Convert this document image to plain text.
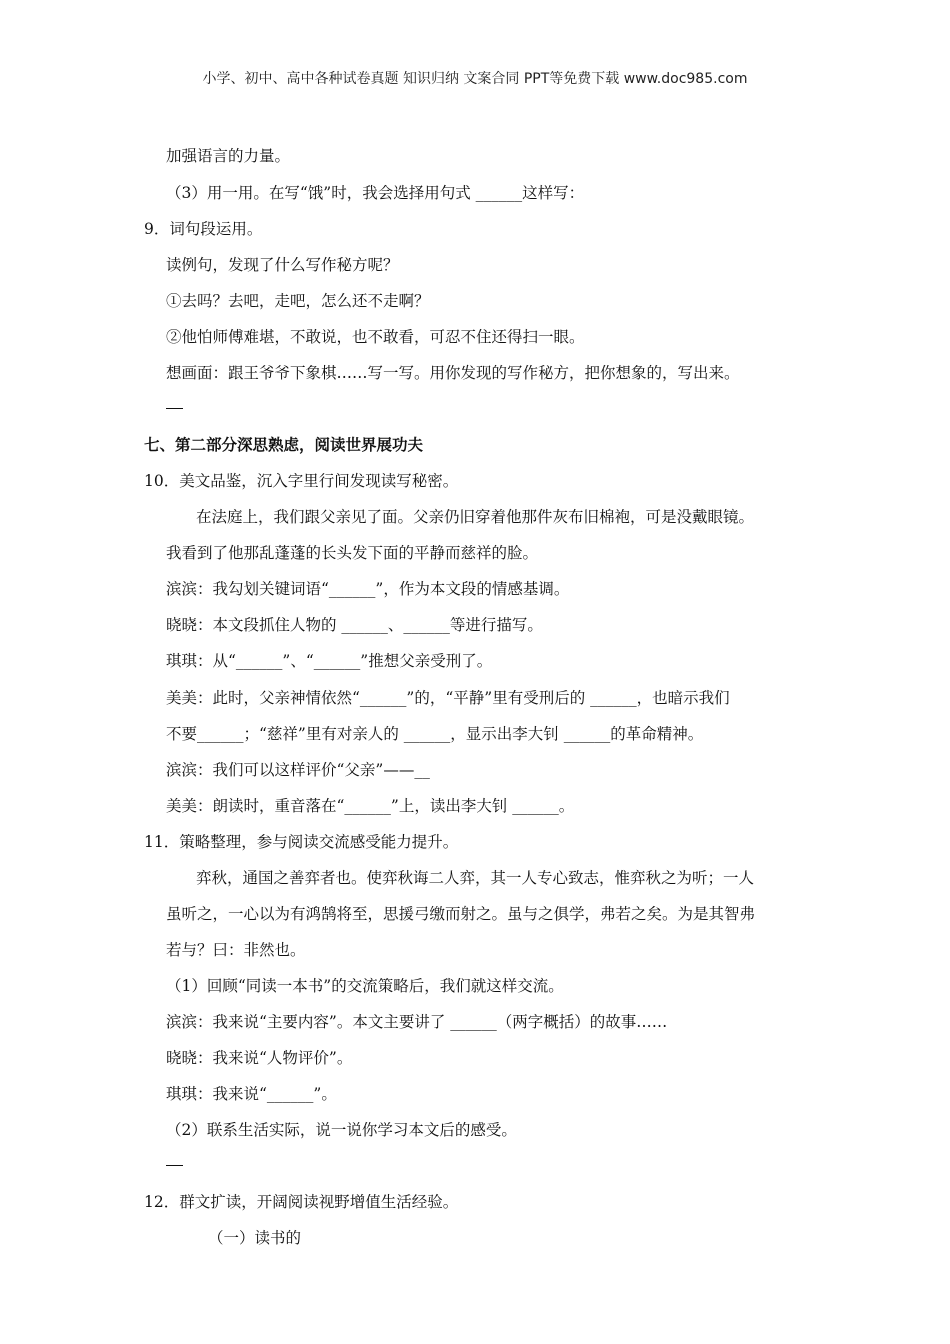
小学、初中、高中各种试卷真题 知识归纳 文案合同 PPT等免费下载 www.doc985.com
加强语言的力量。
（3）用一用。在写“饿”时，我会选择用句式 ______这样写：
9．词句段运用。
读例句，发现了什么写作秘方呢？
①去吗？去吧，走吧，怎么还不走啊？
②他怕师傅难堪，不敢说，也不敢看，可忍不住还得扫一眼。
想画面：跟王爷爷下象棋……写一写。用你发现的写作秘方，把你想象的，写出来。
七、第二部分深思熟虑，阅读世界展功夫
10．美文品鉴，沉入字里行间发现读写秘密。
在法庭上，我们跟父亲见了面。父亲仍旧穿着他那件灰布旧棉袍，可是没戴眼镜。
我看到了他那乱蓬蓬的长头发下面的平静而慈祥的脸。
滨滨：我勾划关键词语“______”，作为本文段的情感基调。
晓晓：本文段抓住人物的 ______、______等进行描写。
琪琪：从“______”、“______”推想父亲受刑了。
美美：此时，父亲神情依然“______”的，“平静”里有受刑后的 ______，也暗示我们
不要______；“慈祥”里有对亲人的 ______，显示出李大钊 ______的革命精神。
滨滨：我们可以这样评价“父亲”——__
美美：朗读时，重音落在“______”上，读出李大钊 ______。
11．策略整理，参与阅读交流感受能力提升。
弈秋，通国之善弈者也。使弈秋诲二人弈，其一人专心致志，惟弈秋之为听；一人
虽听之，一心以为有鸿鹄将至，思援弓缴而射之。虽与之俱学，弗若之矣。为是其智弗
若与？曰：非然也。
（1）回顾“同读一本书”的交流策略后，我们就这样交流。
滨滨：我来说“主要内容”。本文主要讲了 ______（两字概括）的故事……
晓晓：我来说“人物评价”。
琪琪：我来说“______”。
（2）联系生活实际，说一说你学习本文后的感受。
12．群文扩读，开阔阅读视野增值生活经验。
（一）读书的
